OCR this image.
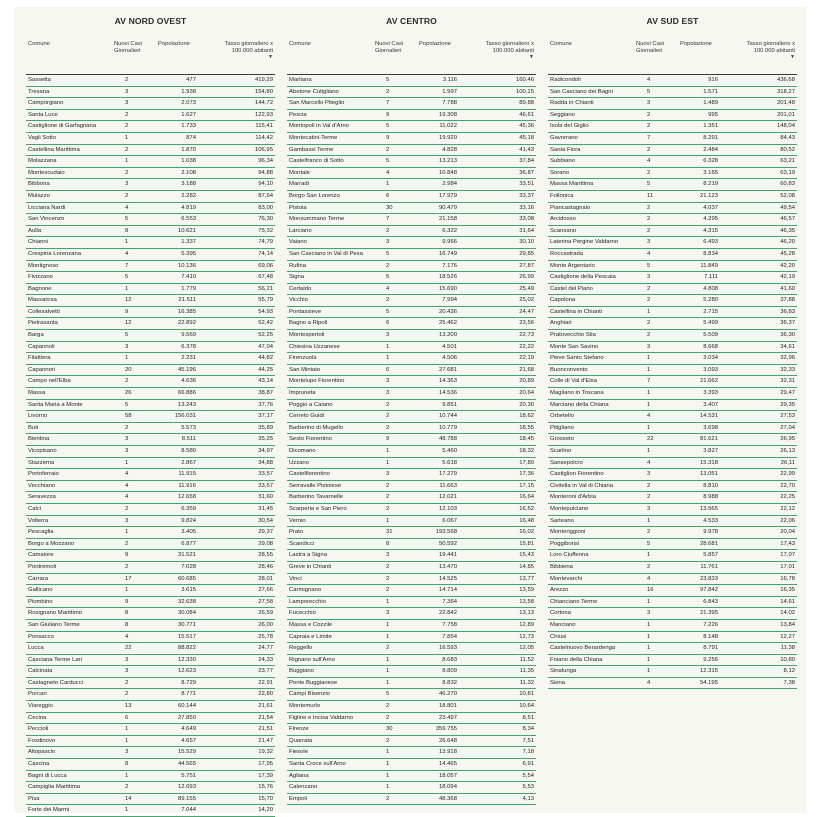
AV NORD OVEST
Comune	Nuovi Casi Giornalieri
Popolazione	Tasso giornaliero x 100.000 abitanti
▼
Sassetta	2	477	419,29
Tresana	3	1.938	154,80
Camporgiano	3	2.073	144,72
Santa Luce	2	1.627	122,93
Castiglione di Garfagnana	2	1.733	115,41
Vagli Sotto	1	874	114,42
Castellina Marittima	2	1.870	106,95
Molazzana	1	1.038	96,34
Montescudaio	2	2.108	94,88
Bibbona	3	3.188	94,10
Mulazzo	2	2.282	87,64
Licciana Nardi	4	4.819	83,00
San Vincenzo	5	6.553	76,30
Aulla	8	10.621	75,32
Chianni	1	1.337	74,79
Crespina Lorenzana	4	5.395	74,14
Montignoso	7	10.136	69,06
Fivizzano	5	7.410	67,48
Bagnone	1	1.779	56,21
Massarosa	12	21.511	55,79
Collesalvetti	9	16.385	54,93
Pietrasanta	12	22.892	52,42
Barga	5	9.569	52,25
Capannoli	3	6.378	47,04
Filattiera	1	2.231	44,82
Capannori	20	45.196	44,25
Campo nell'Elba	2	4.636	43,14
Massa	26	66.886	38,87
Santa Maria a Monte	5	13.243	37,76
Livorno	58	156.031	37,17
Buti	2	5.573	35,89
Bientina	3	8.511	35,25
Vicopisano	3	8.580	34,97
Stazzema	1	2.867	34,88
Portoferraio	4	11.915	33,57
Vecchiano	4	11.916	33,57
Seravezza	4	12.658	31,60
Calci	2	6.359	31,45
Volterra	3	9.824	30,54
Pescaglia	1	3.405	29,37
Borgo a Mozzano	2	6.877	29,08
Camaiore	9	31.521	28,55
Pontremoli	2	7.028	28,46
Carrara	17	60.685	28,01
Gallicano	1	3.615	27,66
Piombino	9	32.638	27,58
Rosignano Marittimo	8	30.084	26,59
San Giuliano Terme	8	30.771	26,00
Ponsacco	4	15.517	25,78
Lucca	22	88.822	24,77
Casciana Terme Lari	3	12.330	24,33
Calcinaia	3	12.623	23,77
Castagneto Carducci	2	8.729	22,91
Porcari	2	8.771	22,80
Viareggio	13	60.144	21,61
Cecina	6	27.850	21,54
Peccioli	1	4.649	21,51
Fosdinovo	1	4.657	21,47
Altopascio	3	15.529	19,32
Cascina	8	44.565	17,95
Bagni di Lucca	1	5.751	17,39
Campiglia Marittima	2	12.693	15,76
Pisa	14	89.155	15,70
Forte dei Marmi	1	7.044	14,20
AV CENTRO
Comune	Nuovi Casi Giornalieri
Popolazione	Tasso giornaliero x 100.000 abitanti
▼
Marliana	5	3.116	160,46
Abetone Cutigliano	2	1.997	100,15
San Marcello Piteglio	7	7.788	89,88
Pescia	9	19.308	46,61
Montopoli in Val d'Arno	5	11.022	45,36
Montecatini-Terme	9	19.920	45,18
Gambassi Terme	2	4.828	41,43
Castelfranco di Sotto	5	13.213	37,84
Montale	4	10.848	36,87
Marradi	1	2.984	33,51
Borgo San Lorenzo	6	17.979	33,37
Pistoia	30	90.479	33,16
Monsummano Terme	7	21.158	33,08
Larciano	2	6.322	31,64
Vaiano	3	9.966	30,10
San Casciano in Val di Pesa	5	16.749	29,85
Rufina	2	7.176	27,87
Signa	5	18.526	26,99
Certaldo	4	15.690	25,49
Vicchio	2	7.994	25,02
Pontassieve	5	20.436	24,47
Bagno a Ripoli	6	25.462	23,56
Montespertoli	3	13.200	22,73
Chiesina Uzzanese	1	4.501	22,22
Firenzuola	1	4.506	22,19
San Miniato	6	27.681	21,68
Montelupo Fiorentino	3	14.363	20,89
Impruneta	3	14.536	20,64
Poggio a Caiano	2	9.851	20,30
Cerreto Guidi	2	10.744	18,62
Barberino di Mugello	2	10.779	18,55
Sesto Fiorentino	9	48.788	18,45
Dicomano	1	5.460	18,32
Uzzano	1	5.618	17,80
Castelfiorentino	3	17.279	17,36
Serravalle Pistoiese	2	11.663	17,15
Barberino Tavarnelle	2	12.021	16,64
Scarperia e San Piero	2	12.103	16,52
Vernio	1	6.067	16,48
Prato	31	193.568	16,02
Scandicci	8	50.592	15,81
Lastra a Signa	3	19.441	15,43
Greve in Chianti	2	13.470	14,85
Vinci	2	14.525	13,77
Carmignano	2	14.714	13,59
Lamporecchio	1	7.364	13,58
Fucecchio	3	22.842	13,13
Massa e Cozzile	1	7.758	12,89
Capraia e Limite	1	7.854	12,73
Reggello	2	16.593	12,05
Rignano sull'Arno	1	8.683	11,52
Buggiano	1	8.809	11,35
Ponte Buggianese	1	8.832	11,32
Campi Bisenzio	5	46.270	10,81
Montemurlo	2	18.801	10,64
Figline e Incisa Valdarno	2	23.497	8,51
Firenze	30	359.755	8,34
Quarrata	2	26.648	7,51
Fiesole	1	13.918	7,18
Santa Croce sull'Arno	1	14.465	6,91
Agliana	1	18.057	5,54
Calenzano	1	18.094	5,53
Empoli	2	48.368	4,13
AV SUD EST
Comune	Nuovi Casi Giornalieri
Popolazione	Tasso giornaliero x 100.000 abitanti
▼
Radicondoli	4	916	436,68
San Casciano dei Bagni	5	1.571	318,27
Radda in Chianti	3	1.489	201,48
Seggiano	2	995	201,01
Isola del Giglio	2	1.351	148,04
Gavorrano	7	8.291	84,43
Santa Fiora	2	2.484	80,52
Subbiano	4	6.328	63,21
Sorano	2	3.165	63,19
Massa Marittima	5	8.219	60,83
Follonica	11	21.123	52,08
Piancastagnaio	2	4.037	49,54
Arcidosso	2	4.295	46,57
Scansano	2	4.315	46,35
Laterina Pergine Valdarno	3	6.493	46,20
Roccastrada	4	8.834	45,28
Monte Argentario	5	11.849	42,20
Castiglione della Pescaia	3	7.111	42,19
Castel del Piano	2	4.808	41,60
Capolona	2	5.280	37,88
Castellina in Chianti	1	2.715	36,83
Anghiari	2	5.499	36,37
Pratovecchio Stia	2	5.509	36,30
Monte San Savino	3	8.668	34,61
Pieve Santo Stefano	1	3.034	32,96
Buonconvento	1	3.093	32,33
Colle di Val d'Elsa	7	21.662	32,31
Magliano in Toscana	1	3.393	29,47
Marciano della Chiana	1	3.407	29,35
Orbetello	4	14.531	27,53
Pitigliano	1	3.698	27,04
Grosseto	22	81.621	26,95
Scarlino	1	3.827	26,13
Sansepolcro	4	15.318	26,11
Castiglion Fiorentino	3	13.051	22,99
Civitella in Val di Chiana	2	8.810	22,70
Monteroni d'Arbia	2	8.988	22,25
Montepulciano	3	13.565	22,12
Sarteano	1	4.533	22,06
Monteriggioni	2	9.978	20,04
Poggibonsi	5	28.681	17,43
Loro Ciuffenna	1	5.857	17,07
Bibbiena	2	11.761	17,01
Montevarchi	4	23.833	16,78
Arezzo	16	97.842	16,35
Chianciano Terme	1	6.843	14,61
Cortona	3	21.395	14,02
Manciano	1	7.226	13,84
Chiusi	1	8.148	12,27
Castelnuovo Berardenga	1	8.791	11,38
Foiano della Chiana	1	9.256	10,80
Sinalunga	1	12.315	8,12
Siena	4	54.195	7,38
